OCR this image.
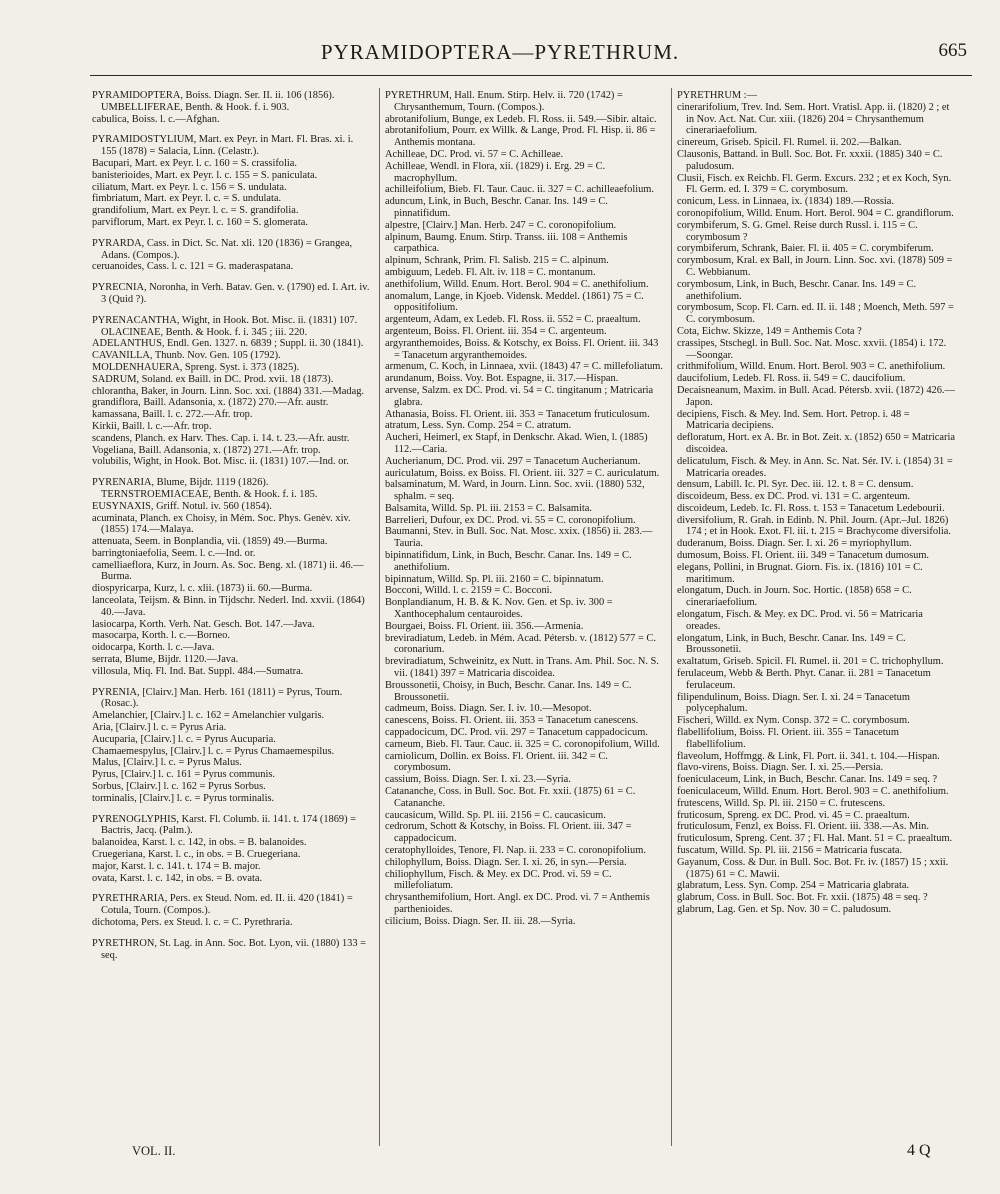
PYRAMIDOPTERA—PYRETHRUM.	665

PYRAMIDOPTERA, Boiss. Diagn. Ser. II. ii. 106 (1856). UMBELLIFERAE, Benth. & Hook. f. i. 903.

cabulica, Boiss. l. c.—Afghan.

PYRAMIDOSTYLIUM, Mart. ex Peyr. in Mart. Fl. Bras. xi. i. 155 (1878) = Salacia, Linn. (Celastr.).

Bacupari, Mart. ex Peyr. l. c. 160 = S. crassifolia.

banisterioides, Mart. ex Peyr. l. c. 155 = S. paniculata.

ciliatum, Mart. ex Peyr. l. c. 156 = S. undulata.

fimbriatum, Mart. ex Peyr. l. c. = S. undulata.

grandifolium, Mart. ex Peyr. l. c. = S. grandifolia.

parviflorum, Mart. ex Peyr. l. c. 160 = S. glomerata.

PYRARDA, Cass. in Dict. Sc. Nat. xli. 120 (1836) = Grangea, Adans. (Compos.).

ceruanoides, Cass. l. c. 121 = G. maderaspatana.

PYRECNIA, Noronha, in Verh. Batav. Gen. v. (1790) ed. I. Art. iv. 3 (Quid ?).

PYRENACANTHA, Wight, in Hook. Bot. Misc. ii. (1831) 107. OLACINEAE, Benth. & Hook. f. i. 345 ; iii. 220.

ADELANTHUS, Endl. Gen. 1327. n. 6839 ; Suppl. ii. 30 (1841).

CAVANILLA, Thunb. Nov. Gen. 105 (1792).

MOLDENHAUERA, Spreng. Syst. i. 373 (1825).

SADRUM, Soland. ex Baill. in DC. Prod. xvii. 18 (1873).

chlorantha, Baker, in Journ. Linn. Soc. xxi. (1884) 331.—Madag.

grandiflora, Baill. Adansonia, x. (1872) 270.—Afr. austr.

kamassana, Baill. l. c. 272.—Afr. trop.

Kirkii, Baill. l. c.—Afr. trop.

scandens, Planch. ex Harv. Thes. Cap. i. 14. t. 23.—Afr. austr.

Vogeliana, Baill. Adansonia, x. (1872) 271.—Afr. trop.

volubilis, Wight, in Hook. Bot. Misc. ii. (1831) 107.—Ind. or.

PYRENARIA, Blume, Bijdr. 1119 (1826). TERNSTROEMIACEAE, Benth. & Hook. f. i. 185.

EUSYNAXIS, Griff. Notul. iv. 560 (1854).

acuminata, Planch. ex Choisy, in Mém. Soc. Phys. Genèv. xiv. (1855) 174.—Malaya.

attenuata, Seem. in Bonplandia, vii. (1859) 49.—Burma.

barringtoniaefolia, Seem. l. c.—Ind. or.

camelliaeflora, Kurz, in Journ. As. Soc. Beng. xl. (1871) ii. 46.—Burma.

diospyricarpa, Kurz, l. c. xlii. (1873) ii. 60.—Burma.

lanceolata, Teijsm. & Binn. in Tijdschr. Nederl. Ind. xxvii. (1864) 40.—Java.

lasiocarpa, Korth. Verh. Nat. Gesch. Bot. 147.—Java.

masocarpa, Korth. l. c.—Borneo.

oidocarpa, Korth. l. c.—Java.

serrata, Blume, Bijdr. 1120.—Java.

villosula, Miq. Fl. Ind. Bat. Suppl. 484.—Sumatra.

PYRENIA, [Clairv.] Man. Herb. 161 (1811) = Pyrus, Tourn. (Rosac.).

Amelanchier, [Clairv.] l. c. 162 = Amelanchier vulgaris.

Aria, [Clairv.] l. c. = Pyrus Aria.

Aucuparia, [Clairv.] l. c. = Pyrus Aucuparia.

Chamaemespylus, [Clairv.] l. c. = Pyrus Chamaemespilus.

Malus, [Clairv.] l. c. = Pyrus Malus.

Pyrus, [Clairv.] l. c. 161 = Pyrus communis.

Sorbus, [Clairv.] l. c. 162 = Pyrus Sorbus.

torminalis, [Clairv.] l. c. = Pyrus torminalis.

PYRENOGLYPHIS, Karst. Fl. Columb. ii. 141. t. 174 (1869) = Bactris, Jacq. (Palm.).

balanoidea, Karst. l. c. 142, in obs. = B. balanoides.

Cruegeriana, Karst. l. c., in obs. = B. Cruegeriana.

major, Karst. l. c. 141. t. 174 = B. major.

ovata, Karst. l. c. 142, in obs. = B. ovata.

PYRETHRARIA, Pers. ex Steud. Nom. ed. II. ii. 420 (1841) = Cotula, Tourn. (Compos.).

dichotoma, Pers. ex Steud. l. c. = C. Pyrethraria.

PYRETHRON, St. Lag. in Ann. Soc. Bot. Lyon, vii. (1880) 133 = seq.

PYRETHRUM, Hall. Enum. Stirp. Helv. ii. 720 (1742) = Chrysanthemum, Tourn. (Compos.).

abrotanifolium, Bunge, ex Ledeb. Fl. Ross. ii. 549.—Sibir. altaic.

abrotanifolium, Pourr. ex Willk. & Lange, Prod. Fl. Hisp. ii. 86 = Anthemis montana.

Achilleae, DC. Prod. vi. 57 = C. Achilleae.

Achilleae, Wendl. in Flora, xii. (1829) i. Erg. 29 = C. macrophyllum.

achilleifolium, Bieb. Fl. Taur. Cauc. ii. 327 = C. achilleaefolium.

aduncum, Link, in Buch, Beschr. Canar. Ins. 149 = C. pinnatifidum.

alpestre, [Clairv.] Man. Herb. 247 = C. coronopifolium.

alpinum, Baumg. Enum. Stirp. Transs. iii. 108 = Anthemis carpathica.

alpinum, Schrank, Prim. Fl. Salisb. 215 = C. alpinum.

ambiguum, Ledeb. Fl. Alt. iv. 118 = C. montanum.

anethifolium, Willd. Enum. Hort. Berol. 904 = C. anethifolium.

anomalum, Lange, in Kjoeb. Vidensk. Meddel. (1861) 75 = C. oppositifolium.

argenteum, Adam, ex Ledeb. Fl. Ross. ii. 552 = C. praealtum.

argenteum, Boiss. Fl. Orient. iii. 354 = C. argenteum.

argyranthemoides, Boiss. & Kotschy, ex Boiss. Fl. Orient. iii. 343 = Tanacetum argyranthemoides.

armenum, C. Koch, in Linnaea, xvii. (1843) 47 = C. millefoliatum.

arundanum, Boiss. Voy. Bot. Espagne, ii. 317.—Hispan.

arvense, Salzm. ex DC. Prod. vi. 54 = C. tingitanum ; Matricaria glabra.

Athanasia, Boiss. Fl. Orient. iii. 353 = Tanacetum fruticulosum.

atratum, Less. Syn. Comp. 254 = C. atratum.

Aucheri, Heimerl, ex Stapf, in Denkschr. Akad. Wien, l. (1885) 112.—Caria.

Aucherianum, DC. Prod. vii. 297 = Tanacetum Aucherianum.

auriculatum, Boiss. ex Boiss. Fl. Orient. iii. 327 = C. auriculatum.

balsaminatum, M. Ward, in Journ. Linn. Soc. xvii. (1880) 532, sphalm. = seq.

Balsamita, Willd. Sp. Pl. iii. 2153 = C. Balsamita.

Barrelieri, Dufour, ex DC. Prod. vi. 55 = C. coronopifolium.

Baumanni, Stev. in Bull. Soc. Nat. Mosc. xxix. (1856) ii. 283.—Tauria.

bipinnatifidum, Link, in Buch, Beschr. Canar. Ins. 149 = C. anethifolium.

bipinnatum, Willd. Sp. Pl. iii. 2160 = C. bipinnatum.

Bocconi, Willd. l. c. 2159 = C. Bocconi.

Bonplandianum, H. B. & K. Nov. Gen. et Sp. iv. 300 = Xanthocephalum centauroides.

Bourgaei, Boiss. Fl. Orient. iii. 356.—Armenia.

breviradiatum, Ledeb. in Mém. Acad. Pétersb. v. (1812) 577 = C. coronarium.

breviradiatum, Schweinitz, ex Nutt. in Trans. Am. Phil. Soc. N. S. vii. (1841) 397 = Matricaria discoidea.

Broussonetii, Choisy, in Buch, Beschr. Canar. Ins. 149 = C. Broussonetii.

cadmeum, Boiss. Diagn. Ser. I. iv. 10.—Mesopot.

canescens, Boiss. Fl. Orient. iii. 353 = Tanacetum canescens.

cappadocicum, DC. Prod. vii. 297 = Tanacetum cappadocicum.

carneum, Bieb. Fl. Taur. Cauc. ii. 325 = C. coronopifolium, Willd.

carniolicum, Dollin. ex Boiss. Fl. Orient. iii. 342 = C. corymbosum.

cassium, Boiss. Diagn. Ser. I. xi. 23.—Syria.

Catananche, Coss. in Bull. Soc. Bot. Fr. xxii. (1875) 61 = C. Catananche.

caucasicum, Willd. Sp. Pl. iii. 2156 = C. caucasicum.

cedrorum, Schott & Kotschy, in Boiss. Fl. Orient. iii. 347 = cappadocicum.

ceratophylloides, Tenore, Fl. Nap. ii. 233 = C. coronopifolium.

chilophyllum, Boiss. Diagn. Ser. I. xi. 26, in syn.—Persia.

chiliophyllum, Fisch. & Mey. ex DC. Prod. vi. 59 = C. millefoliatum.

chrysanthemifolium, Hort. Angl. ex DC. Prod. vi. 7 = Anthemis parthenioides.

cilicium, Boiss. Diagn. Ser. II. iii. 28.—Syria.

PYRETHRUM :—

cinerarifolium, Trev. Ind. Sem. Hort. Vratisl. App. ii. (1820) 2 ; et in Nov. Act. Nat. Cur. xiii. (1826) 204 = Chrysanthemum cinerariaefolium.

cinereum, Griseb. Spicil. Fl. Rumel. ii. 202.—Balkan.

Clausonis, Battand. in Bull. Soc. Bot. Fr. xxxii. (1885) 340 = C. paludosum.

Clusii, Fisch. ex Reichb. Fl. Germ. Excurs. 232 ; et ex Koch, Syn. Fl. Germ. ed. I. 379 = C. corymbosum.

conicum, Less. in Linnaea, ix. (1834) 189.—Rossia.

coronopifolium, Willd. Enum. Hort. Berol. 904 = C. grandiflorum.

corymbiferum, S. G. Gmel. Reise durch Russl. i. 115 = C. corymbosum ?

corymbiferum, Schrank, Baier. Fl. ii. 405 = C. corymbiferum.

corymbosum, Kral. ex Ball, in Journ. Linn. Soc. xvi. (1878) 509 = C. Webbianum.

corymbosum, Link, in Buch, Beschr. Canar. Ins. 149 = C. anethifolium.

corymbosum, Scop. Fl. Carn. ed. II. ii. 148 ; Moench, Meth. 597 = C. corymbosum.

Cota, Eichw. Skizze, 149 = Anthemis Cota ?

crassipes, Stschegl. in Bull. Soc. Nat. Mosc. xxvii. (1854) i. 172.—Soongar.

crithmifolium, Willd. Enum. Hort. Berol. 903 = C. anethifolium.

daucifolium, Ledeb. Fl. Ross. ii. 549 = C. daucifolium.

Decaisneanum, Maxim. in Bull. Acad. Pétersb. xvii. (1872) 426.—Japon.

decipiens, Fisch. & Mey. Ind. Sem. Hort. Petrop. i. 48 = Matricaria decipiens.

defloratum, Hort. ex A. Br. in Bot. Zeit. x. (1852) 650 = Matricaria discoidea.

delicatulum, Fisch. & Mey. in Ann. Sc. Nat. Sér. IV. i. (1854) 31 = Matricaria oreades.

densum, Labill. Ic. Pl. Syr. Dec. iii. 12. t. 8 = C. densum.

discoideum, Bess. ex DC. Prod. vi. 131 = C. argenteum.

discoideum, Ledeb. Ic. Fl. Ross. t. 153 = Tanacetum Ledebourii.

diversifolium, R. Grah. in Edinb. N. Phil. Journ. (Apr.–Jul. 1826) 174 ; et in Hook. Exot. Fl. iii. t. 215 = Brachycome diversifolia.

duderanum, Boiss. Diagn. Ser. I. xi. 26 = myriophyllum.

dumosum, Boiss. Fl. Orient. iii. 349 = Tanacetum dumosum.

elegans, Pollini, in Brugnat. Giorn. Fis. ix. (1816) 101 = C. maritimum.

elongatum, Duch. in Journ. Soc. Hortic. (1858) 658 = C. cinerariaefolium.

elongatum, Fisch. & Mey. ex DC. Prod. vi. 56 = Matricaria oreades.

elongatum, Link, in Buch, Beschr. Canar. Ins. 149 = C. Broussonetii.

exaltatum, Griseb. Spicil. Fl. Rumel. ii. 201 = C. trichophyllum.

ferulaceum, Webb & Berth. Phyt. Canar. ii. 281 = Tanacetum ferulaceum.

filipendulinum, Boiss. Diagn. Ser. I. xi. 24 = Tanacetum polycephalum.

Fischeri, Willd. ex Nym. Consp. 372 = C. corymbosum.

flabellifolium, Boiss. Fl. Orient. iii. 355 = Tanacetum flabellifolium.

flaveolum, Hoffmgg. & Link, Fl. Port. ii. 341. t. 104.—Hispan.

flavo-virens, Boiss. Diagn. Ser. I. xi. 25.—Persia.

foeniculaceum, Link, in Buch, Beschr. Canar. Ins. 149 = seq. ?

foeniculaceum, Willd. Enum. Hort. Berol. 903 = C. anethifolium.

frutescens, Willd. Sp. Pl. iii. 2150 = C. frutescens.

fruticosum, Spreng. ex DC. Prod. vi. 45 = C. praealtum.

fruticulosum, Fenzl, ex Boiss. Fl. Orient. iii. 338.—As. Min.

fruticulosum, Spreng. Cent. 37 ; Fl. Hal. Mant. 51 = C. praealtum.

fuscatum, Willd. Sp. Pl. iii. 2156 = Matricaria fuscata.

Gayanum, Coss. & Dur. in Bull. Soc. Bot. Fr. iv. (1857) 15 ; xxii. (1875) 61 = C. Mawii.

glabratum, Less. Syn. Comp. 254 = Matricaria glabrata.

glabrum, Coss. in Bull. Soc. Bot. Fr. xxii. (1875) 48 = seq. ?

glabrum, Lag. Gen. et Sp. Nov. 30 = C. paludosum.

VOL. II.	4 Q
